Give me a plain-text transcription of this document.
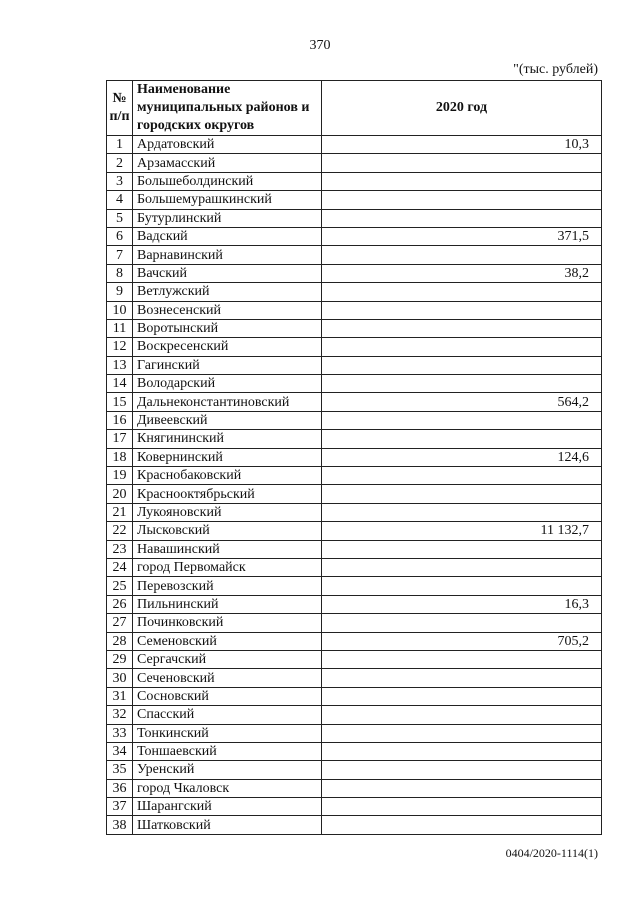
370
"(тыс. рублей)
№ п/п	Наименование муниципальных районов и городских округов	2020 год
1	Ардатовский	10,3
2	Арзамасский	
3	Большеболдинский	
4	Большемурашкинский	
5	Бутурлинский	
6	Вадский	371,5
7	Варнавинский	
8	Вачский	38,2
9	Ветлужский	
10	Вознесенский	
11	Воротынский	
12	Воскресенский	
13	Гагинский	
14	Володарский	
15	Дальнеконстантиновский	564,2
16	Дивеевский	
17	Княгининский	
18	Ковернинский	124,6
19	Краснобаковский	
20	Краснооктябрьский	
21	Лукояновский	
22	Лысковский	11 132,7
23	Навашинский	
24	город Первомайск	
25	Перевозский	
26	Пильнинский	16,3
27	Починковский	
28	Семеновский	705,2
29	Сергачский	
30	Сеченовский	
31	Сосновский	
32	Спасский	
33	Тонкинский	
34	Тоншаевский	
35	Уренский	
36	город Чкаловск	
37	Шарангский	
38	Шатковский	
0404/2020-1114(1)
